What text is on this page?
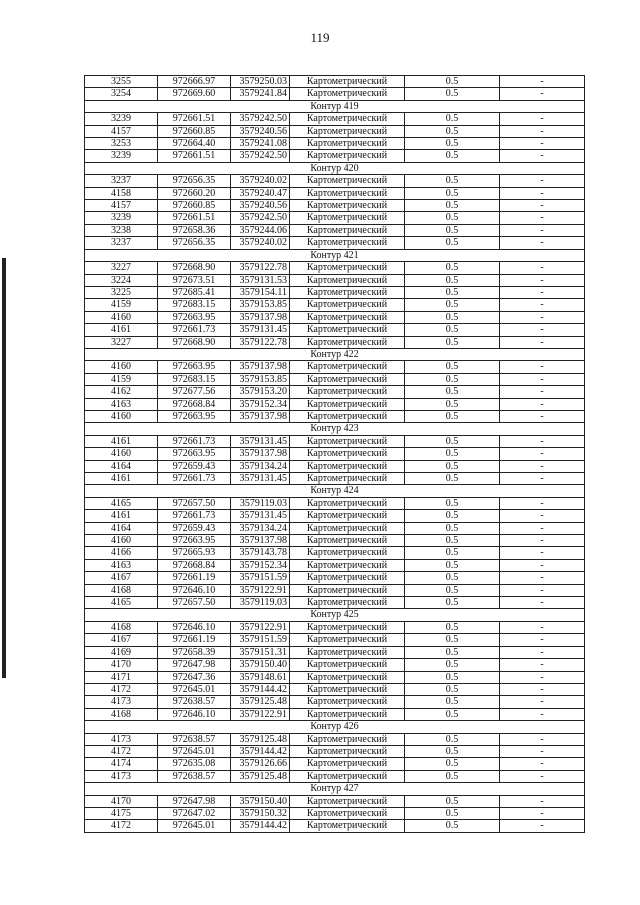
119
3255	972666.97	3579250.03	Картометрический	0.5	-
3254	972669.60	3579241.84	Картометрический	0.5	-
Контур 419					
3239	972661.51	3579242.50	Картометрический	0.5	-
4157	972660.85	3579240.56	Картометрический	0.5	-
3253	972664.40	3579241.08	Картометрический	0.5	-
3239	972661.51	3579242.50	Картометрический	0.5	-
Контур 420					
3237	972656.35	3579240.02	Картометрический	0.5	-
4158	972660.20	3579240.47	Картометрический	0.5	-
4157	972660.85	3579240.56	Картометрический	0.5	-
3239	972661.51	3579242.50	Картометрический	0.5	-
3238	972658.36	3579244.06	Картометрический	0.5	-
3237	972656.35	3579240.02	Картометрический	0.5	-
Контур 421					
3227	972668.90	3579122.78	Картометрический	0.5	-
3224	972673.51	3579131.53	Картометрический	0.5	-
3225	972685.41	3579154.11	Картометрический	0.5	-
4159	972683.15	3579153.85	Картометрический	0.5	-
4160	972663.95	3579137.98	Картометрический	0.5	-
4161	972661.73	3579131.45	Картометрический	0.5	-
3227	972668.90	3579122.78	Картометрический	0.5	-
Контур 422					
4160	972663.95	3579137.98	Картометрический	0.5	-
4159	972683.15	3579153.85	Картометрический	0.5	-
4162	972677.56	3579153.20	Картометрический	0.5	-
4163	972668.84	3579152.34	Картометрический	0.5	-
4160	972663.95	3579137.98	Картометрический	0.5	-
Контур 423					
4161	972661.73	3579131.45	Картометрический	0.5	-
4160	972663.95	3579137.98	Картометрический	0.5	-
4164	972659.43	3579134.24	Картометрический	0.5	-
4161	972661.73	3579131.45	Картометрический	0.5	-
Контур 424					
4165	972657.50	3579119.03	Картометрический	0.5	-
4161	972661.73	3579131.45	Картометрический	0.5	-
4164	972659.43	3579134.24	Картометрический	0.5	-
4160	972663.95	3579137.98	Картометрический	0.5	-
4166	972665.93	3579143.78	Картометрический	0.5	-
4163	972668.84	3579152.34	Картометрический	0.5	-
4167	972661.19	3579151.59	Картометрический	0.5	-
4168	972646.10	3579122.91	Картометрический	0.5	-
4165	972657.50	3579119.03	Картометрический	0.5	-
Контур 425					
4168	972646.10	3579122.91	Картометрический	0.5	-
4167	972661.19	3579151.59	Картометрический	0.5	-
4169	972658.39	3579151.31	Картометрический	0.5	-
4170	972647.98	3579150.40	Картометрический	0.5	-
4171	972647.36	3579148.61	Картометрический	0.5	-
4172	972645.01	3579144.42	Картометрический	0.5	-
4173	972638.57	3579125.48	Картометрический	0.5	-
4168	972646.10	3579122.91	Картометрический	0.5	-
Контур 426					
4173	972638.57	3579125.48	Картометрический	0.5	-
4172	972645.01	3579144.42	Картометрический	0.5	-
4174	972635.08	3579126.66	Картометрический	0.5	-
4173	972638.57	3579125.48	Картометрический	0.5	-
Контур 427					
4170	972647.98	3579150.40	Картометрический	0.5	-
4175	972647.02	3579150.32	Картометрический	0.5	-
4172	972645.01	3579144.42	Картометрический	0.5	-
